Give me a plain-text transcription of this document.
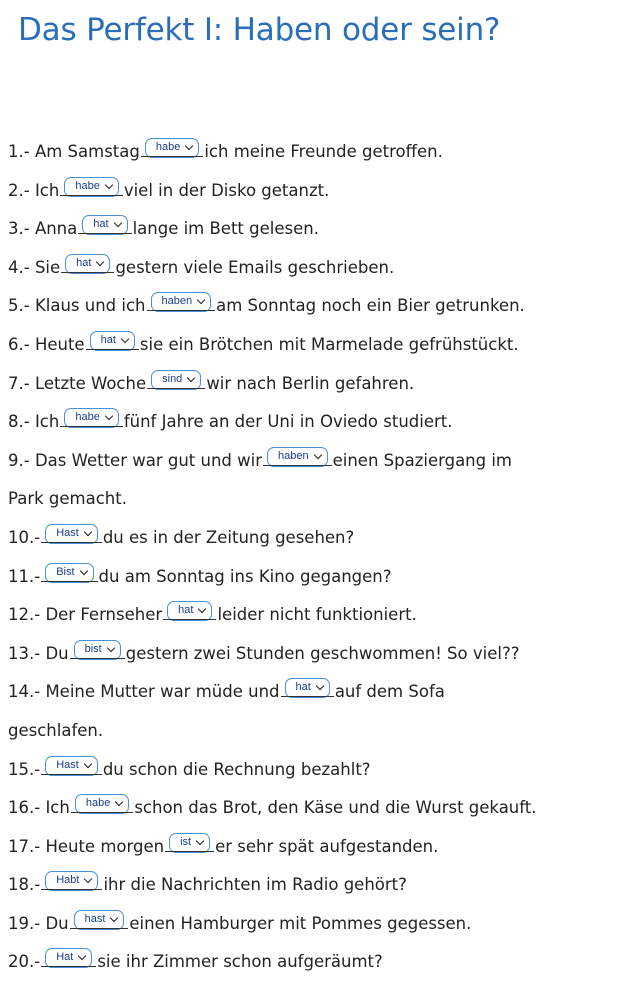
Das Perfekt I: Haben oder sein?
1.- Am Samstag habe ich meine Freunde getroffen.
2.- Ich habe viel in der Disko getanzt.
3.- Anna hat lange im Bett gelesen.
4.- Sie hat gestern viele Emails geschrieben.
5.- Klaus und ich haben am Sonntag noch ein Bier getrunken.
6.- Heute hat sie ein Brötchen mit Marmelade gefrühstückt.
7.- Letzte Woche sind wir nach Berlin gefahren.
8.- Ich habe fünf Jahre an der Uni in Oviedo studiert.
9.- Das Wetter war gut und wir haben einen Spaziergang im
Park gemacht.
10.- Hast du es in der Zeitung gesehen?
11.- Bist du am Sonntag ins Kino gegangen?
12.- Der Fernseher hat leider nicht funktioniert.
13.- Du bist gestern zwei Stunden geschwommen! So viel??
14.- Meine Mutter war müde und hat auf dem Sofa
geschlafen.
15.- Hast du schon die Rechnung bezahlt?
16.- Ich habe schon das Brot, den Käse und die Wurst gekauft.
17.- Heute morgen ist er sehr spät aufgestanden.
18.- Habt ihr die Nachrichten im Radio gehört?
19.- Du hast einen Hamburger mit Pommes gegessen.
20.- Hat sie ihr Zimmer schon aufgeräumt?
